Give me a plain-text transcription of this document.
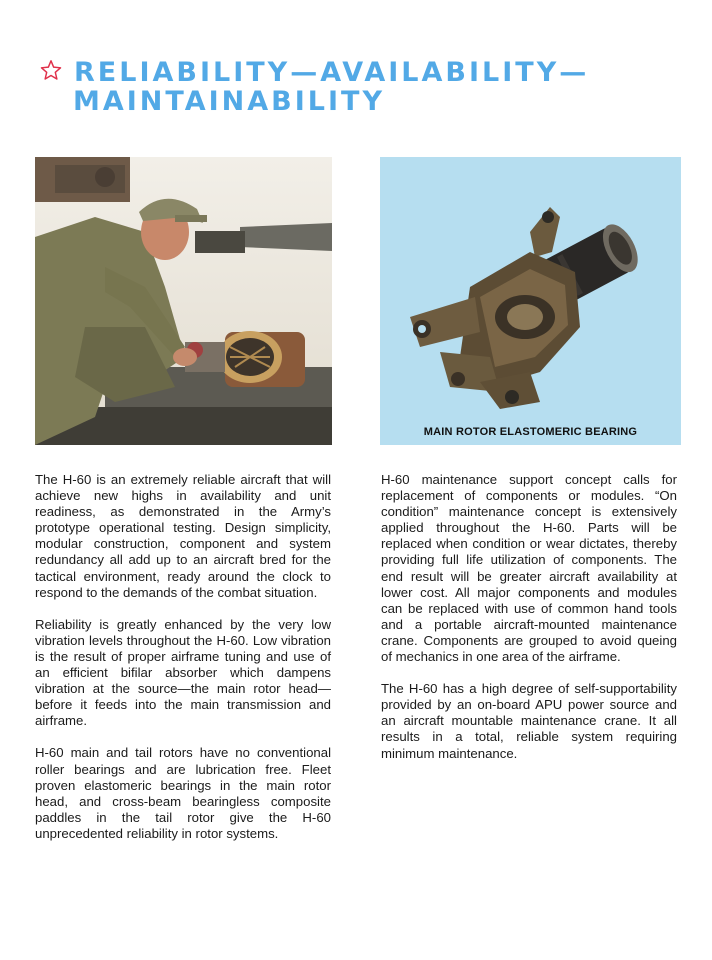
RELIABILITY—AVAILABILITY—
MAINTAINABILITY
MAIN ROTOR ELASTOMERIC BEARING

The H-60 is an extremely reliable aircraft that will achieve new highs in availability and unit readiness, as demonstrated in the Army’s prototype operational testing. Design simplicity, modular construction, component and system redundancy all add up to an aircraft bred for the tactical environment, ready around the clock to respond to the demands of the combat situation.

Reliability is greatly enhanced by the very low vibration levels throughout the H-60. Low vibration is the result of proper airframe tuning and use of an efficient bifilar absorber which dampens vibration at the source—the main rotor head—before it feeds into the main transmission and airframe.

H-60 main and tail rotors have no conventional roller bearings and are lubrication free. Fleet proven elastomeric bearings in the main rotor head, and cross-beam bearingless composite paddles in the tail rotor give the H-60 unprecedented reliability in rotor systems.

H-60 maintenance support concept calls for replacement of components or modules. “On condition” maintenance concept is extensively applied throughout the H-60. Parts will be replaced when condition or wear dictates, thereby providing full life utilization of components. The end result will be greater aircraft availability at lower cost. All major components and modules can be replaced with use of common hand tools and a portable aircraft-mounted maintenance crane. Components are grouped to avoid queing of mechanics in one area of the airframe.

The H-60 has a high degree of self-supportability provided by an on-board APU power source and an aircraft mountable maintenance crane. It all results in a total, reliable system requiring minimum maintenance.
